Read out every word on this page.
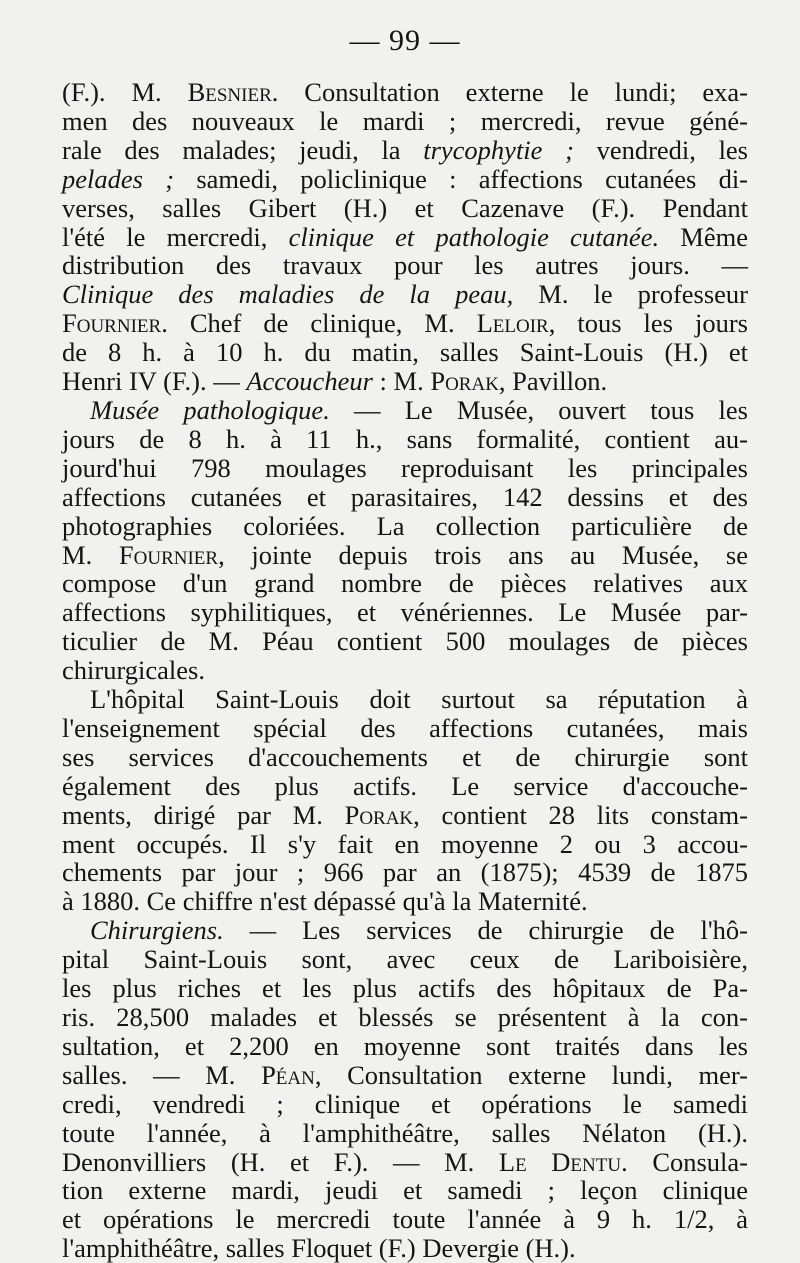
— 99 —
(F.). M. Besnier. Consultation externe le lundi; exa-
men des nouveaux le mardi ; mercredi, revue géné-
rale des malades; jeudi, la trycophytie ; vendredi, les
pelades ; samedi, policlinique : affections cutanées di-
verses, salles Gibert (H.) et Cazenave (F.). Pendant
l'été le mercredi, clinique et pathologie cutanée. Même
distribution des travaux pour les autres jours. —
Clinique des maladies de la peau, M. le professeur
Fournier. Chef de clinique, M. Leloir, tous les jours
de 8 h. à 10 h. du matin, salles Saint-Louis (H.) et
Henri IV (F.). — Accoucheur : M. Porak, Pavillon.
Musée pathologique. — Le Musée, ouvert tous les
jours de 8 h. à 11 h., sans formalité, contient au-
jourd'hui 798 moulages reproduisant les principales
affections cutanées et parasitaires, 142 dessins et des
photographies coloriées. La collection particulière de
M. Fournier, jointe depuis trois ans au Musée, se
compose d'un grand nombre de pièces relatives aux
affections syphilitiques, et vénériennes. Le Musée par-
ticulier de M. Péau contient 500 moulages de pièces
chirurgicales.
L'hôpital Saint-Louis doit surtout sa réputation à
l'enseignement spécial des affections cutanées, mais
ses services d'accouchements et de chirurgie sont
également des plus actifs. Le service d'accouche-
ments, dirigé par M. Porak, contient 28 lits constam-
ment occupés. Il s'y fait en moyenne 2 ou 3 accou-
chements par jour ; 966 par an (1875); 4539 de 1875
à 1880. Ce chiffre n'est dépassé qu'à la Maternité.
Chirurgiens. — Les services de chirurgie de l'hô-
pital Saint-Louis sont, avec ceux de Lariboisière,
les plus riches et les plus actifs des hôpitaux de Pa-
ris. 28,500 malades et blessés se présentent à la con-
sultation, et 2,200 en moyenne sont traités dans les
salles. — M. Péan, Consultation externe lundi, mer-
credi, vendredi ; clinique et opérations le samedi
toute l'année, à l'amphithéâtre, salles Nélaton (H.).
Denonvilliers (H. et F.). — M. Le Dentu. Consula-
tion externe mardi, jeudi et samedi ; leçon clinique
et opérations le mercredi toute l'année à 9 h. 1/2, à
l'amphithéâtre, salles Floquet (F.) Devergie (H.).
